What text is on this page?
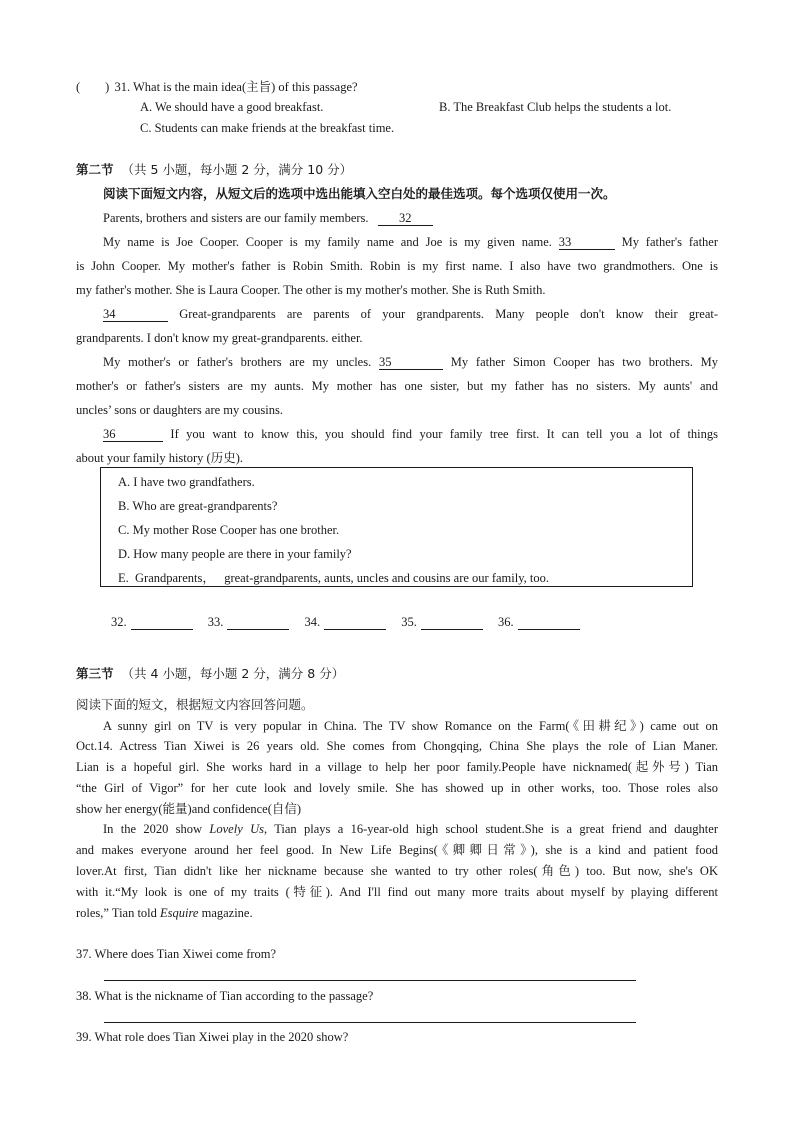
(        ) 31. What is the main idea(主旨) of this passage?
A. We should have a good breakfast.	B. The Breakfast Club helps the students a lot.
C. Students can make friends at the breakfast time.
第二节 （共 5 小题，每小题 2 分，满分 10 分）
阅读下面短文内容，从短文后的选项中选出能填入空白处的最佳选项。每个选项仅使用一次。
Parents, brothers and sisters are our family members. 32
My name is Joe Cooper. Cooper is my family name and Joe is my given name. 33	My father's father
is John Cooper. My mother's father is Robin Smith. Robin is my first name. I also have two grandmothers. One is
my father's mother. She is Laura Cooper. The other is my mother's mother. She is Ruth Smith.
34	Great-grandparents are parents of your grandparents. Many people don't know their great-
grandparents. I don't know my great-grandparents. either.
My mother's or father's brothers are my uncles. 35	My father Simon Cooper has two brothers. My
mother's or father's sisters are my aunts. My mother has one sister, but my father has no sisters. My aunts' and
uncles’ sons or daughters are my cousins.
36	If you want to know this, you should find your family tree first. It can tell you a lot of things
about your family history (历史).
A. I have two grandfathers.
B. Who are great-grandparents?
C. My mother Rose Cooper has one brother.
D. How many people are there in your family?
E.  Grandparents，   great-grandparents, aunts, uncles and cousins are our family, too.
32.	33.	34.	35.	36.
第三节 （共 4 小题，每小题 2 分，满分 8 分）
阅读下面的短文，根据短文内容回答问题。
A sunny girl on TV is very popular in China. The TV show Romance on the Farm(《田耕纪》) came out on
Oct.14. Actress Tian Xiwei is 26 years old. She comes from Chongqing, China She plays the role of Lian Maner.
Lian is a hopeful girl. She works hard in a village to help her poor family.People have nicknamed(起外号) Tian
“the Girl of Vigor” for her cute look and lovely smile. She has showed up in other works, too. Those roles also
show her energy(能量)and confidence(自信)
In the 2020 show Lovely Us, Tian plays a 16-year-old high school student.She is a great friend and daughter
and makes everyone around her feel good. In New Life Begins(《卿卿日常》), she is a kind and patient food
lover.At first, Tian didn't like her nickname because she wanted to try other roles(角色) too. But now, she's OK
with it.“My look is one of my traits (特征). And I'll find out many more traits about myself by playing different
roles,” Tian told Esquire magazine.
37. Where does Tian Xiwei come from?
38. What is the nickname of Tian according to the passage?
39. What role does Tian Xiwei play in the 2020 show?
